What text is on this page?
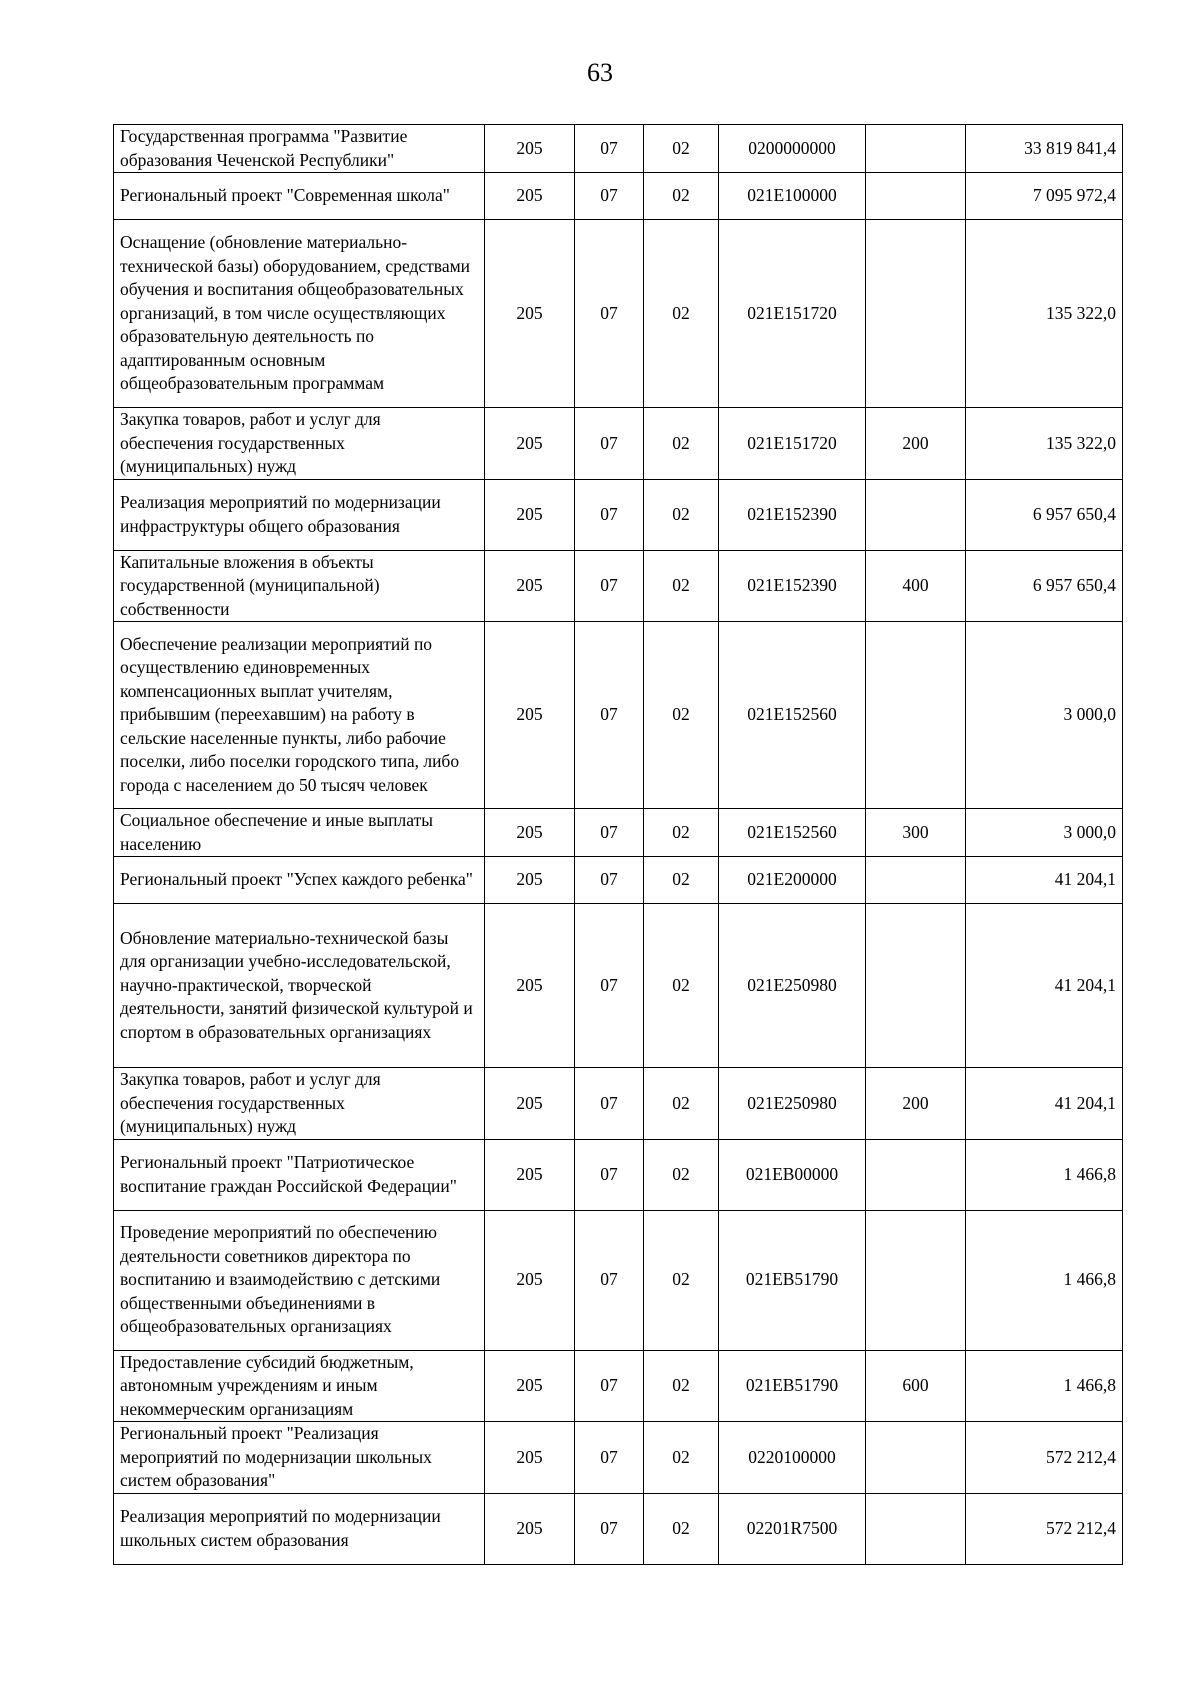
63
Государственная программа "Развитие образования Чеченской Республики"	205	07	02	0200000000		33 819 841,4
Региональный проект "Современная школа"	205	07	02	021E100000		7 095 972,4
Оснащение (обновление материально-технической базы) оборудованием, средствами обучения и воспитания общеобразовательных организаций, в том числе осуществляющих образовательную деятельность по адаптированным основным общеобразовательным программам	205	07	02	021E151720		135 322,0
Закупка товаров, работ и услуг для обеспечения государственных (муниципальных) нужд	205	07	02	021E151720	200	135 322,0
Реализация мероприятий по модернизации инфраструктуры общего образования	205	07	02	021E152390		6 957 650,4
Капитальные вложения в объекты государственной (муниципальной) собственности	205	07	02	021E152390	400	6 957 650,4
Обеспечение реализации мероприятий по осуществлению единовременных компенсационных выплат учителям, прибывшим (переехавшим) на работу в сельские населенные пункты, либо рабочие поселки, либо поселки городского типа, либо города с населением до 50 тысяч человек	205	07	02	021E152560		3 000,0
Социальное обеспечение и иные выплаты населению	205	07	02	021E152560	300	3 000,0
Региональный проект "Успех каждого ребенка"	205	07	02	021E200000		41 204,1
Обновление материально-технической базы для организации учебно-исследовательской, научно-практической, творческой деятельности, занятий физической культурой и спортом в образовательных организациях	205	07	02	021E250980		41 204,1
Закупка товаров, работ и услуг для обеспечения государственных (муниципальных) нужд	205	07	02	021E250980	200	41 204,1
Региональный проект "Патриотическое воспитание граждан Российской Федерации"	205	07	02	021EB00000		1 466,8
Проведение мероприятий по обеспечению деятельности советников директора по воспитанию и взаимодействию с детскими общественными объединениями в общеобразовательных организациях	205	07	02	021EB51790		1 466,8
Предоставление субсидий бюджетным, автономным учреждениям и иным некоммерческим организациям	205	07	02	021EB51790	600	1 466,8
Региональный проект "Реализация мероприятий по модернизации школьных систем образования"	205	07	02	0220100000		572 212,4
Реализация мероприятий по модернизации школьных систем образования	205	07	02	02201R7500		572 212,4
